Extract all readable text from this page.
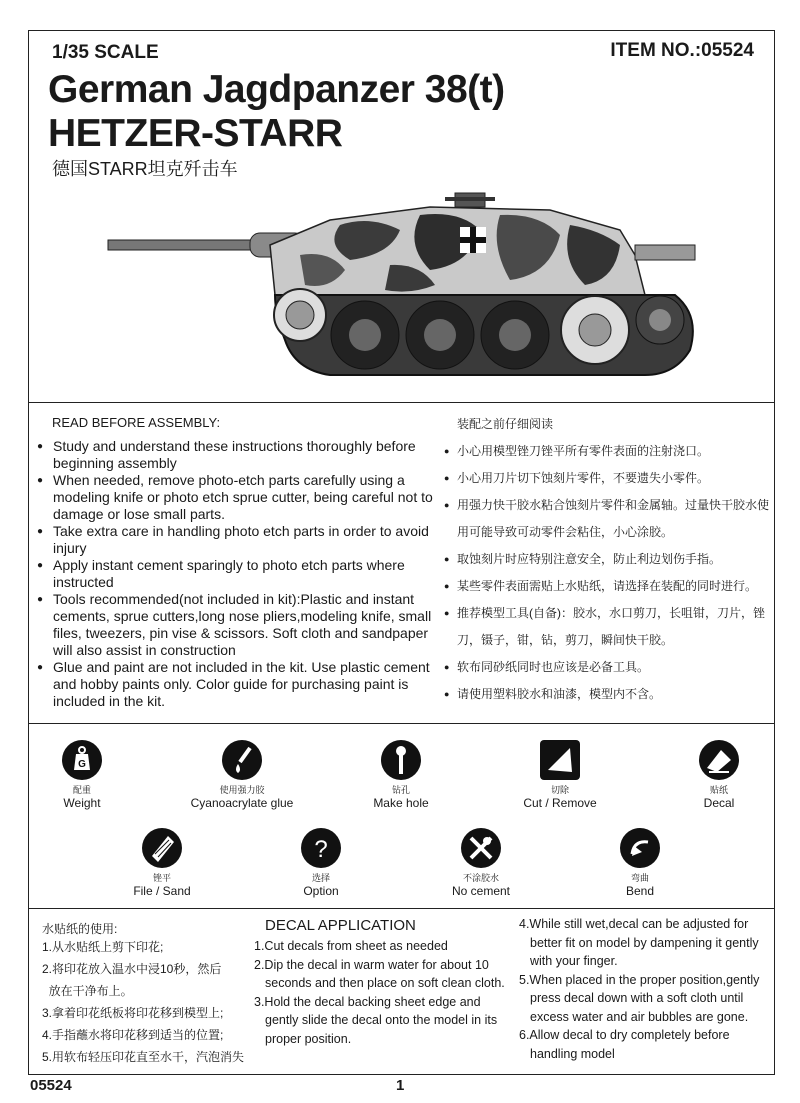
1/35 SCALE	ITEM NO.:05524
German Jagdpanzer 38(t)
HETZER-STARR
德国STARR坦克歼击车
READ BEFORE ASSEMBLY:	装配之前仔细阅读
● Study and understand these instructions thoroughly before beginning assembly
● When needed, remove photo-etch parts carefully using a modeling knife or photo etch sprue cutter, being careful not to damage or lose small parts.
● Take extra care in handling photo etch parts in order to avoid injury
● Apply instant cement sparingly to photo etch parts where instructed
● Tools recommended(not included in kit):Plastic and instant cements, sprue cutters,long nose pliers,modeling knife, small files, tweezers, pin vise & scissors. Soft cloth and sandpaper will also assist in construction
● Glue and paint are not included in the kit. Use plastic cement and hobby paints only. Color guide for purchasing paint is included in the kit.
● 小心用模型锉刀锉平所有零件表面的注射浇口。
● 小心用刀片切下蚀刻片零件，不要遗失小零件。
● 用强力快干胶水粘合蚀刻片零件和金属轴。过量快干胶水使用可能导致可动零件会粘住，小心涂胶。
● 取蚀刻片时应特别注意安全，防止利边划伤手指。
● 某些零件表面需贴上水贴纸，请选择在装配的同时进行。
● 推荐模型工具(自备)：胶水，水口剪刀，长咀钳，刀片，锉刀，镊子，钳，钻，剪刀，瞬间快干胶。
● 软布同砂纸同时也应该是必备工具。
● 请使用塑料胶水和油漆，模型内不含。
G
配重
Weight
使用强力胶
Cyanoacrylate glue
钻孔
Make hole
切除
Cut / Remove
贴纸
Decal
锉平
File / Sand
?
选择
Option
不涂胶水
No cement
弯曲
Bend
水贴纸的使用:
1.从水贴纸上剪下印花;
2.将印花放入温水中浸10秒，然后
放在干净布上。
3.拿着印花纸板将印花移到模型上;
4.手指蘸水将印花移到适当的位置;
5.用软布轻压印花直至水干，汽泡消失
DECAL APPLICATION
1.Cut decals from sheet as needed
2.Dip the decal in warm water for about 10 seconds and then place on soft clean cloth.
3.Hold the decal backing sheet edge and gently slide the decal onto the model in its proper position.
4.While still wet,decal can be adjusted for better fit on model by dampening it gently with your finger.
5.When placed in the proper position,gently press decal down with a soft cloth until excess water and air bubbles are gone.
6.Allow decal to dry completely before handling model
05524	1
